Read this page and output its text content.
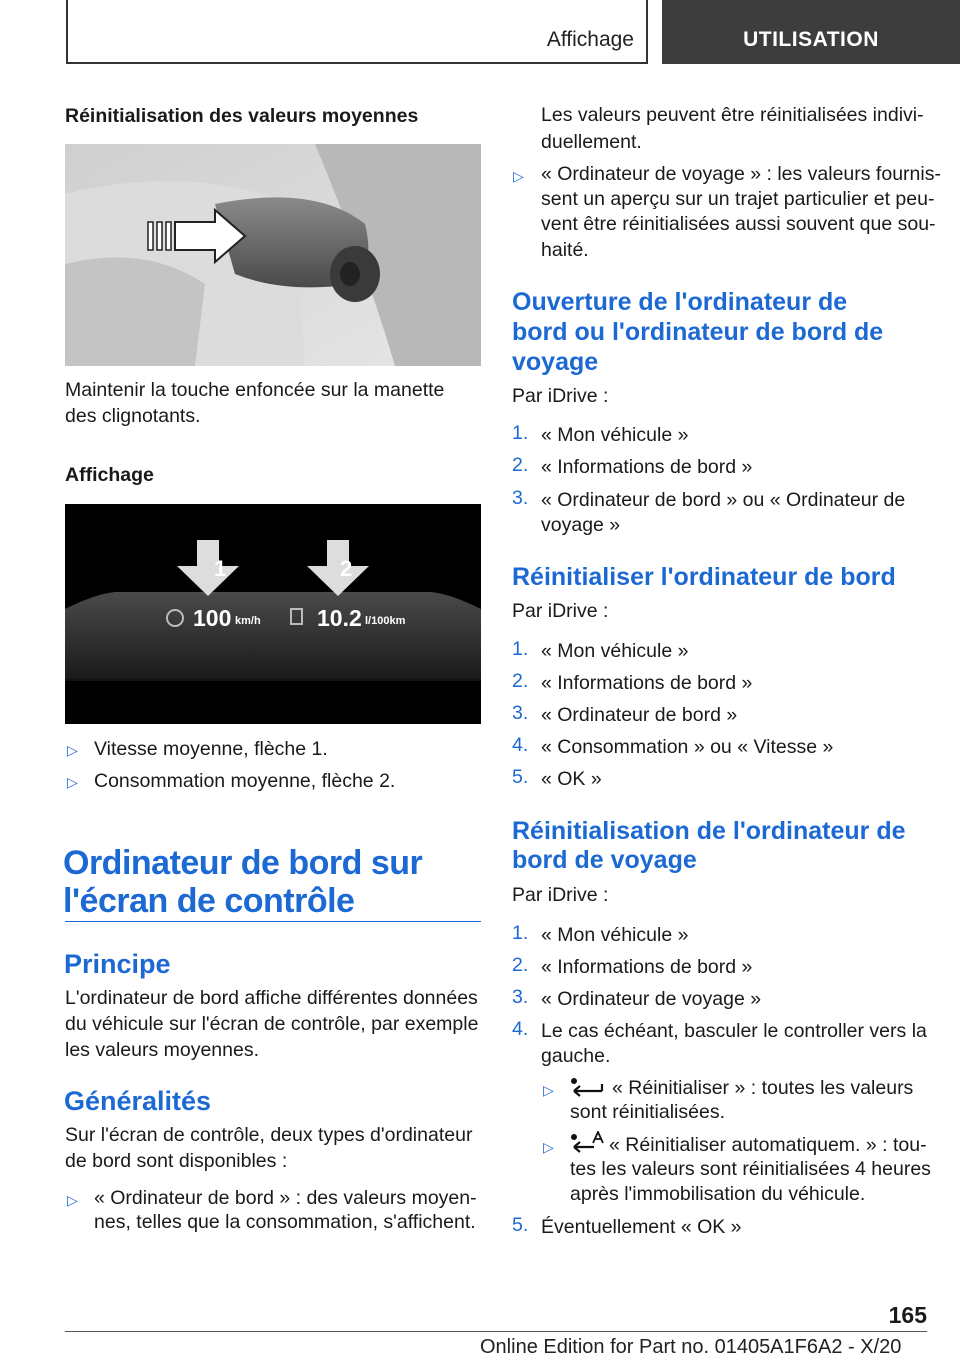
Affichage	UTILISATION

Réinitialisation des valeurs moyennes

Maintenir la touche enfoncée sur la manette des clignotants.

Affichage

1	2
100 km/h 10.2 l/100km
▷ Vitesse moyenne, flèche 1.

▷ Consommation moyenne, flèche 2.

Ordinateur de bord sur

l'écran de contrôle

Principe

L'ordinateur de bord affiche différentes données du véhicule sur l'écran de contrôle, par exemple les valeurs moyennes.

Généralités

Sur l'écran de contrôle, deux types d'ordinateur de bord sont disponibles :

▷ « Ordinateur de bord » : des valeurs moyen-

nes, telles que la consommation, s'affichent.

Les valeurs peuvent être réinitialisées indivi-

duellement.

▷ « Ordinateur de voyage » : les valeurs fournis-

sent un aperçu sur un trajet particulier et peu-

vent être réinitialisées aussi souvent que sou-

haité.

Ouverture de l'ordinateur de

bord ou l'ordinateur de bord de

voyage

Par iDrive :

1. « Mon véhicule »

2. « Informations de bord »

3. « Ordinateur de bord » ou « Ordinateur de

voyage »

Réinitialiser l'ordinateur de bord

Par iDrive :

1. « Mon véhicule »

2. « Informations de bord »

3. « Ordinateur de bord »

4. « Consommation » ou « Vitesse »

5. « OK »

Réinitialisation de l'ordinateur de

bord de voyage

Par iDrive :

1. « Mon véhicule »

2. « Informations de bord »

3. « Ordinateur de voyage »

4. Le cas échéant, basculer le controller vers la

gauche.

▷	« Réinitialiser » : toutes les valeurs

sont réinitialisées.

▷	« Réinitialiser automatiquem. » : tou-

tes les valeurs sont réinitialisées 4 heures

après l'immobilisation du véhicule.

5. Éventuellement « OK »

165
Online Edition for Part no. 01405A1F6A2 - X/20
